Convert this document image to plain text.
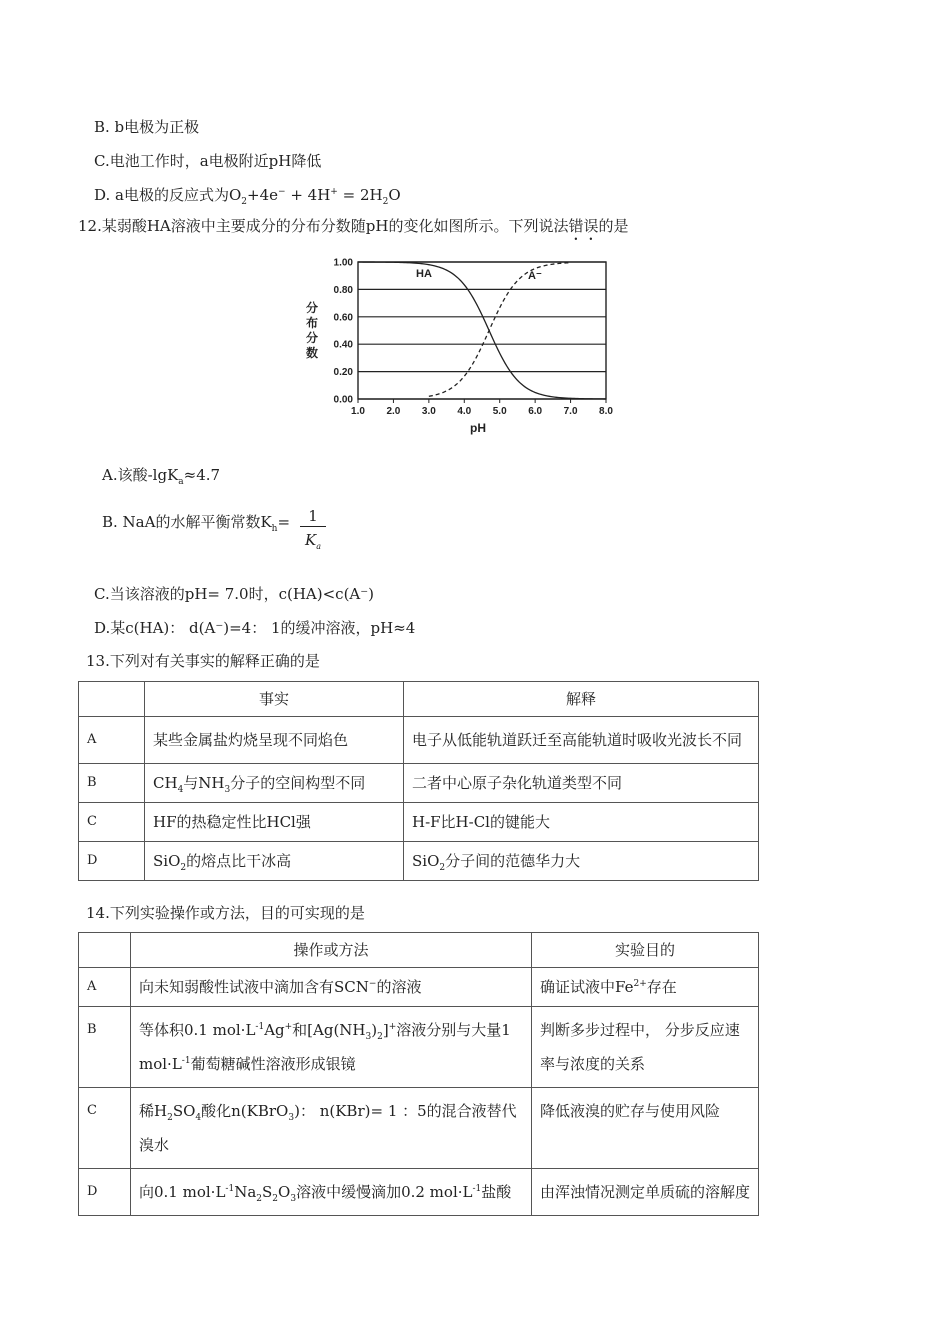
B. b电极为正极
C.电池工作时，a电极附近pH降低
D. a电极的反应式为$O_2+4e^- + 4H^+ = 2H_2O$
12.某弱酸HA溶液中主要成分的分布分数随pH的变化如图所示。下列说法错误的是
0.00
0.20
0.40
0.60
0.80
1.00
1.0 2.0 3.0 4.0 5.0 6.0 7.0 8.0
HA	A⁻
pH
分
布
分
数
A.该酸-lgK$_a$≈4.7
B. NaA的水解平衡常数$K_h=$	1
$K_a$
C.当该溶液的pH= 7.0时，c(HA)<c(A⁻)
D.某c(HA)： d(A⁻)=4： 1的缓冲溶液，pH≈4
13.下列对有关事实的解释正确的是
	事实	解释
A	某些金属盐灼烧呈现不同焰色	电子从低能轨道跃迁至高能轨道时吸收光波长不同
B	$CH_4$与$NH_3$分子的空间构型不同	二者中心原子杂化轨道类型不同
C	HF的热稳定性比HCl强	H-F比H-Cl的键能大
D	SiO$_2$的熔点比干冰高	SiO$_2$分子间的范德华力大
14.下列实验操作或方法，目的可实现的是
	操作或方法	实验目的
A	向未知弱酸性试液中滴加含有SCN−的溶液	确证试液中$Fe^{2+}$存在
B	等体积0.1 $mol\cdot L^{-1}Ag^+$和$[Ag(NH_3)_2]^+$溶液分别与大量1 $mol\cdot L^{-1}$葡萄糖碱性溶液形成银镜	判断多步过程中， 分步反应速率与浓度的关系
C	稀$H_2SO_4$酸化n(KBrO$_3$)： n(KBr)= 1 ：5的混合液替代溴水	降低液溴的贮存与使用风险
D	向0.1 $mol\cdot L^{-1}Na_2S_2O_3$溶液中缓慢滴加0.2 $mol\cdot L^{-1}$盐酸	由浑浊情况测定单质硫的溶解度
